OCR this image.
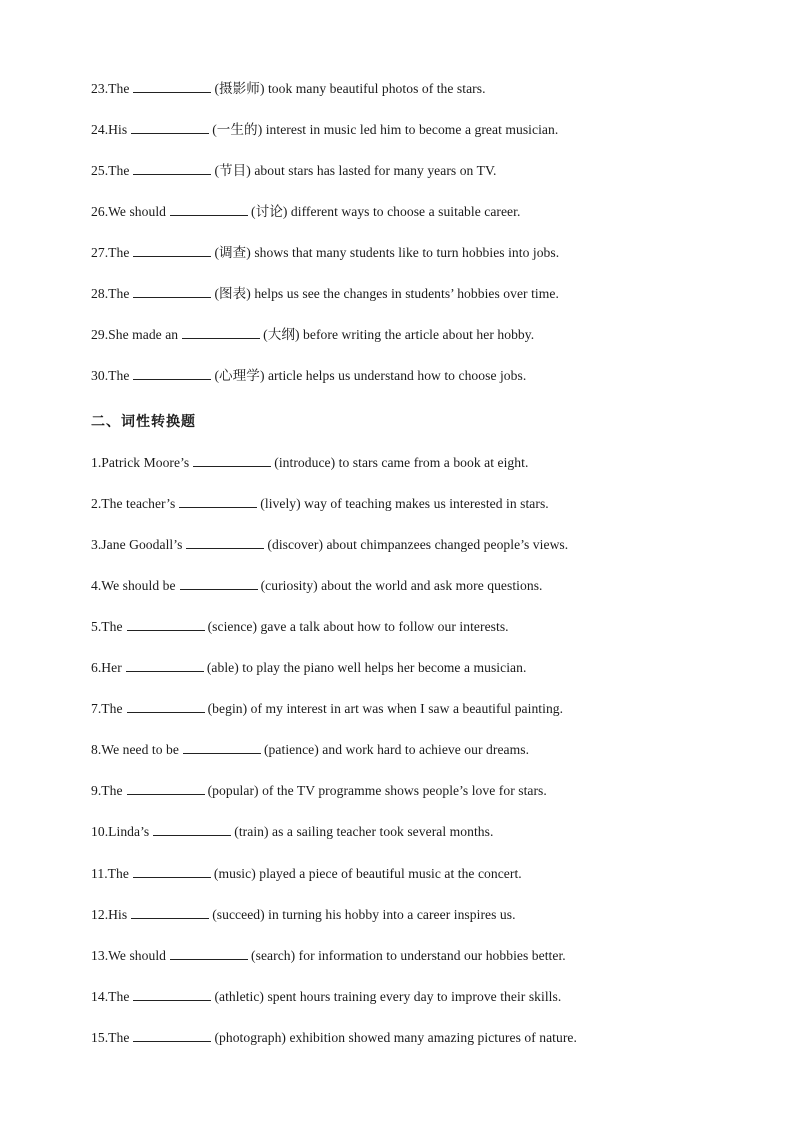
23.The	(摄影师) took many beautiful photos of the stars.
24.His	(一生的) interest in music led him to become a great musician.
25.The	(节目) about stars has lasted for many years on TV.
26.We should	(讨论) different ways to choose a suitable career.
27.The	(调查) shows that many students like to turn hobbies into jobs.
28.The	(图表) helps us see the changes in students’ hobbies over time.
29.She made an	(大纲) before writing the article about her hobby.
30.The	(心理学) article helps us understand how to choose jobs.
二、词性转换题
1.Patrick Moore’s	(introduce) to stars came from a book at eight.
2.The teacher’s	(lively) way of teaching makes us interested in stars.
3.Jane Goodall’s	(discover) about chimpanzees changed people’s views.
4.We should be	(curiosity) about the world and ask more questions.
5.The	(science) gave a talk about how to follow our interests.
6.Her	(able) to play the piano well helps her become a musician.
7.The	(begin) of my interest in art was when I saw a beautiful painting.
8.We need to be	(patience) and work hard to achieve our dreams.
9.The	(popular) of the TV programme shows people’s love for stars.
10.Linda’s	(train) as a sailing teacher took several months.
11.The	(music) played a piece of beautiful music at the concert.
12.His	(succeed) in turning his hobby into a career inspires us.
13.We should	(search) for information to understand our hobbies better.
14.The	(athletic) spent hours training every day to improve their skills.
15.The	(photograph) exhibition showed many amazing pictures of nature.
